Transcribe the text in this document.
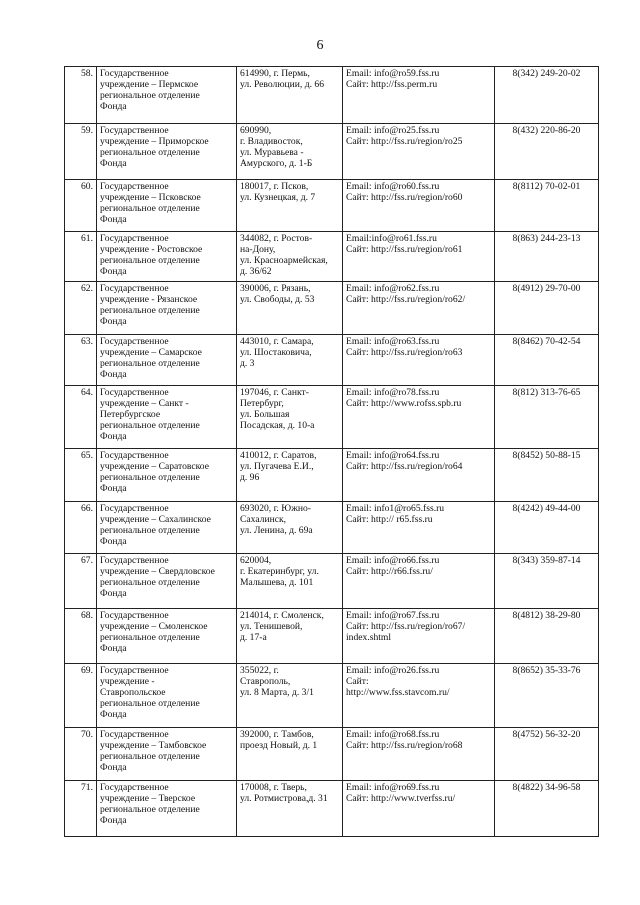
6
58.	Государственное
учреждение – Пермское
региональное отделение
Фонда	614990, г. Пермь,
ул. Революции, д. 66	Email: info@ro59.fss.ru
Сайт: http://fss.perm.ru	8(342) 249-20-02
59.	Государственное
учреждение – Приморское
региональное отделение
Фонда	690990,
г. Владивосток,
ул. Муравьева -
Амурского, д. 1-Б	Email: info@ro25.fss.ru
Сайт: http://fss.ru/region/ro25	8(432) 220-86-20
60.	Государственное
учреждение – Псковское
региональное отделение
Фонда	180017, г. Псков,
ул. Кузнецкая, д. 7	Email: info@ro60.fss.ru
Сайт: http://fss.ru/region/ro60	8(8112) 70-02-01
61.	Государственное
учреждение - Ростовское
региональное отделение
Фонда	344082, г. Ростов-
на-Дону,
ул. Красноармейская,
д. 36/62	Email:info@ro61.fss.ru
Сайт: http://fss.ru/region/ro61	8(863) 244-23-13
62.	Государственное
учреждение - Рязанское
региональное отделение
Фонда	390006, г. Рязань,
ул. Свободы, д. 53	Email: info@ro62.fss.ru
Сайт: http://fss.ru/region/ro62/	8(4912) 29-70-00
63.	Государственное
учреждение – Самарское
региональное отделение
Фонда	443010, г. Самара,
ул. Шостаковича,
д. 3	Email: info@ro63.fss.ru
Сайт: http://fss.ru/region/ro63	8(8462) 70-42-54
64.	Государственное
учреждение – Санкт -
Петербургское
региональное отделение
Фонда	197046, г. Санкт-
Петербург,
ул. Большая
Посадская, д. 10-а	Email: info@ro78.fss.ru
Сайт: http://www.rofss.spb.ru	8(812) 313-76-65
65.	Государственное
учреждение – Саратовское
региональное отделение
Фонда	410012, г. Саратов,
ул. Пугачева Е.И.,
д. 96	Email: info@ro64.fss.ru
Сайт: http://fss.ru/region/ro64	8(8452) 50-88-15
66.	Государственное
учреждение – Сахалинское
региональное отделение
Фонда	693020, г. Южно-
Сахалинск,
ул. Ленина, д. 69а	Email: info1@ro65.fss.ru
Сайт: http:// r65.fss.ru	8(4242) 49-44-00
67.	Государственное
учреждение – Свердловское
региональное отделение
Фонда	620004,
г. Екатеринбург, ул.
Малышева, д. 101	Email: info@ro66.fss.ru
Сайт: http://r66.fss.ru/	8(343) 359-87-14
68.	Государственное
учреждение – Смоленское
региональное отделение
Фонда	214014, г. Смоленск,
ул. Тенишевой,
д. 17-а	Email: info@ro67.fss.ru
Сайт: http://fss.ru/region/ro67/
index.shtml	8(4812) 38-29-80
69.	Государственное
учреждение -
Ставропольское
региональное отделение
Фонда	355022, г.
Ставрополь,
ул. 8 Марта, д. 3/1	Email: info@ro26.fss.ru
Сайт:
http://www.fss.stavcom.ru/	8(8652) 35-33-76
70.	Государственное
учреждение – Тамбовское
региональное отделение
Фонда	392000, г. Тамбов,
проезд Новый, д. 1	Email: info@ro68.fss.ru
Сайт: http://fss.ru/region/ro68	8(4752) 56-32-20
71.	Государственное
учреждение – Тверское
региональное отделение
Фонда	170008, г. Тверь,
ул. Ротмистрова,д. 31	Email: info@ro69.fss.ru
Сайт: http://www.tverfss.ru/	8(4822) 34-96-58
